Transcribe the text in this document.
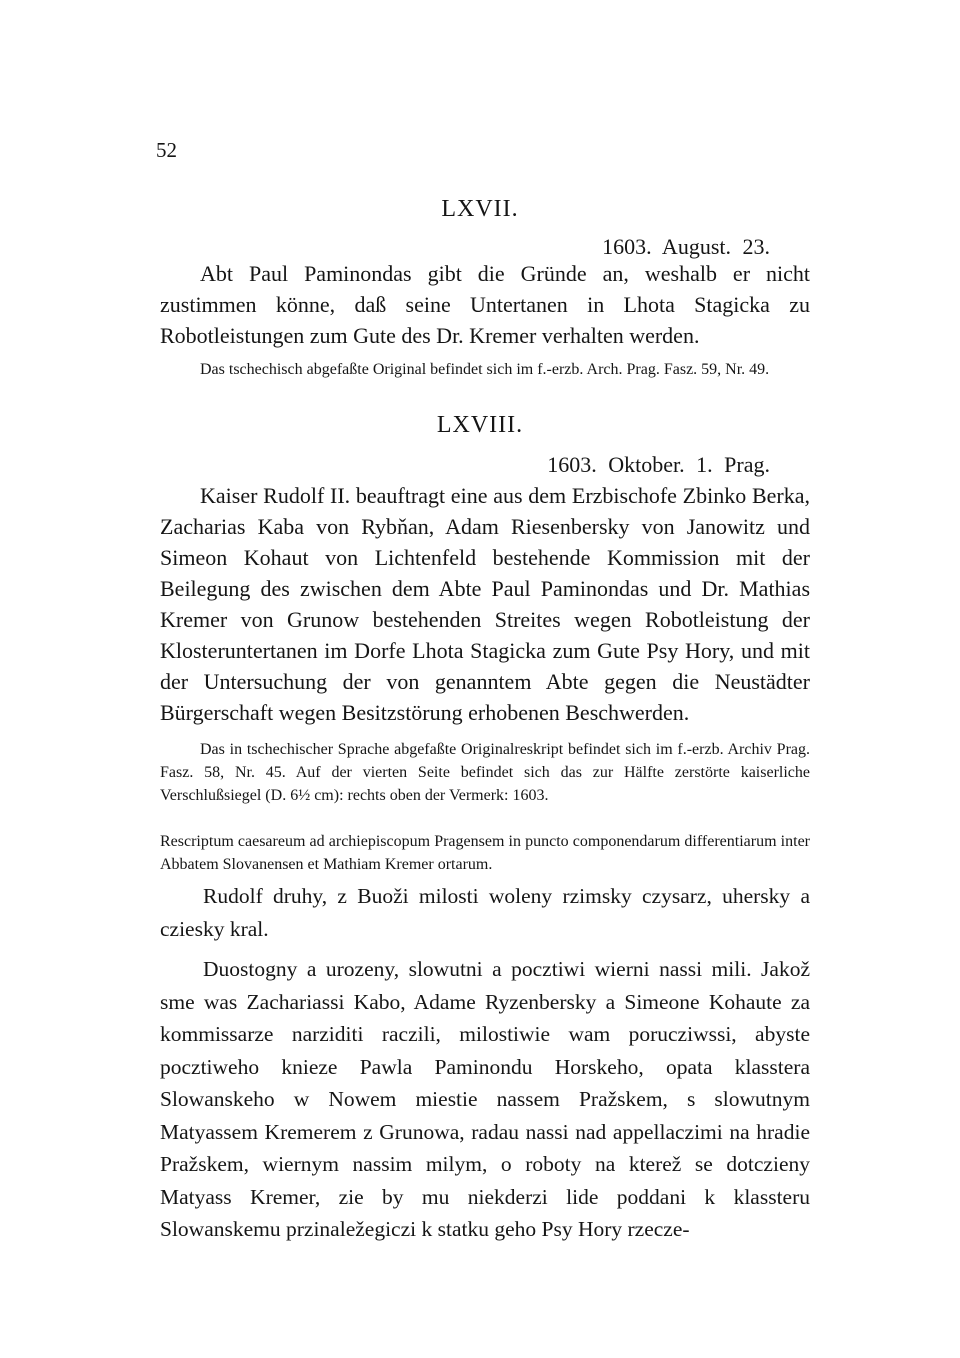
52
LXVII.
1603. August. 23.
Abt Paul Paminondas gibt die Gründe an, weshalb er nicht zustimmen könne, daß seine Untertanen in Lhota Stagicka zu Robotleistungen zum Gute des Dr. Kremer verhalten werden.
Das tschechisch abgefaßte Original befindet sich im f.-erzb. Arch. Prag. Fasz. 59, Nr. 49.
LXVIII.
1603. Oktober. 1. Prag.
Kaiser Rudolf II. beauftragt eine aus dem Erzbischofe Zbinko Berka, Zacharias Kaba von Rybňan, Adam Riesenbersky von Janowitz und Simeon Kohaut von Lichtenfeld bestehende Kommission mit der Beilegung des zwischen dem Abte Paul Paminondas und Dr. Mathias Kremer von Grunow bestehenden Streites wegen Robotleistung der Klosteruntertanen im Dorfe Lhota Stagicka zum Gute Psy Hory, und mit der Untersuchung der von genanntem Abte gegen die Neustädter Bürgerschaft wegen Besitzstörung erhobenen Beschwerden.
Das in tschechischer Sprache abgefaßte Originalreskript befindet sich im f.-erzb. Archiv Prag. Fasz. 58, Nr. 45. Auf der vierten Seite befindet sich das zur Hälfte zerstörte kaiserliche Verschlußsiegel (D. 6½ cm): rechts oben der Vermerk: 1603.
Rescriptum caesareum ad archiepiscopum Pragensem in puncto componendarum differentiarum inter Abbatem Slovanensen et Mathiam Kremer ortarum.

Rudolf druhy, z Buoži milosti woleny rzimsky czysarz, uhersky a cziesky kral.

Duostogny a urozeny, slowutni a pocztiwi wierni nassi mili. Jakož sme was Zachariassi Kabo, Adame Ryzenbersky a Simeone Kohaute za kommissarze narziditi raczili, milostiwie wam porucziwssi, abyste pocztiweho knieze Pawla Paminondu Horskeho, opata klasstera Slowanskeho w Nowem miestie nassem Pražskem, s slowutnym Matyassem Kremerem z Grunowa, radau nassi nad appellaczimi na hradie Pražskem, wiernym nassim milym, o roboty na kterež se dotczieny Matyass Kremer, zie by mu niekderzi lide poddani k klassteru Slowanskemu przinaležegiczi k statku geho Psy Hory rzecze-
